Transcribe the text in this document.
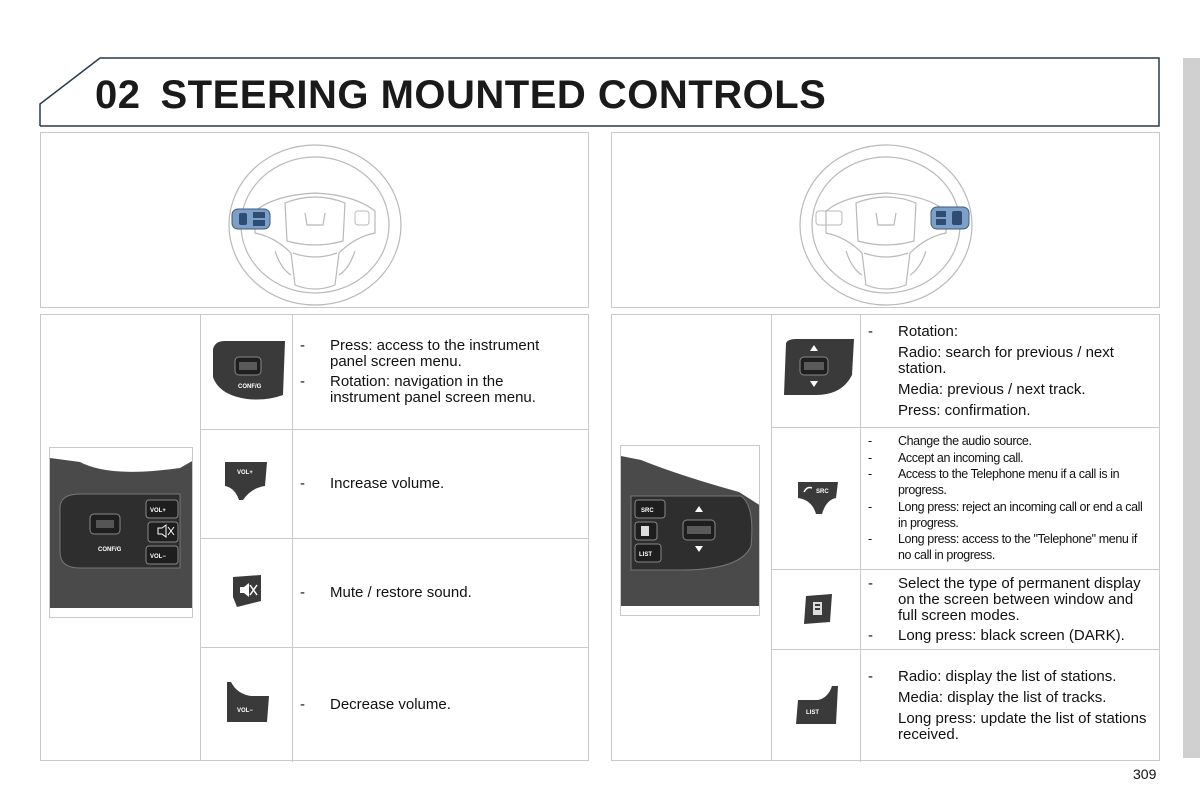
02 STEERING MOUNTED CONTROLS
CONF/G
VOL+
VOL−
CONF/G
-	Press: access to the instrument panel screen menu.
-	Rotation: navigation in the instrument panel screen menu.
VOL+
-	Increase volume.
-	Mute / restore sound.
VOL−	-	Decrease volume.
SRC
LIST
-	Rotation:
Radio: search for previous / next station.
Media: previous / next track.
Press: confirmation.
SRC
-	Change the audio source.
-	Accept an incoming call.
-	Access to the Telephone menu if a call is in progress.
-	Long press: reject an incoming call or end a call in progress.
-	Long press: access to the "Telephone" menu if no call in progress.
-	Select the type of permanent display on the screen between window and full screen modes.
-	Long press: black screen (DARK).
LIST
-	Radio: display the list of stations.
Media: display the list of tracks.
Long press: update the list of stations received.
309
